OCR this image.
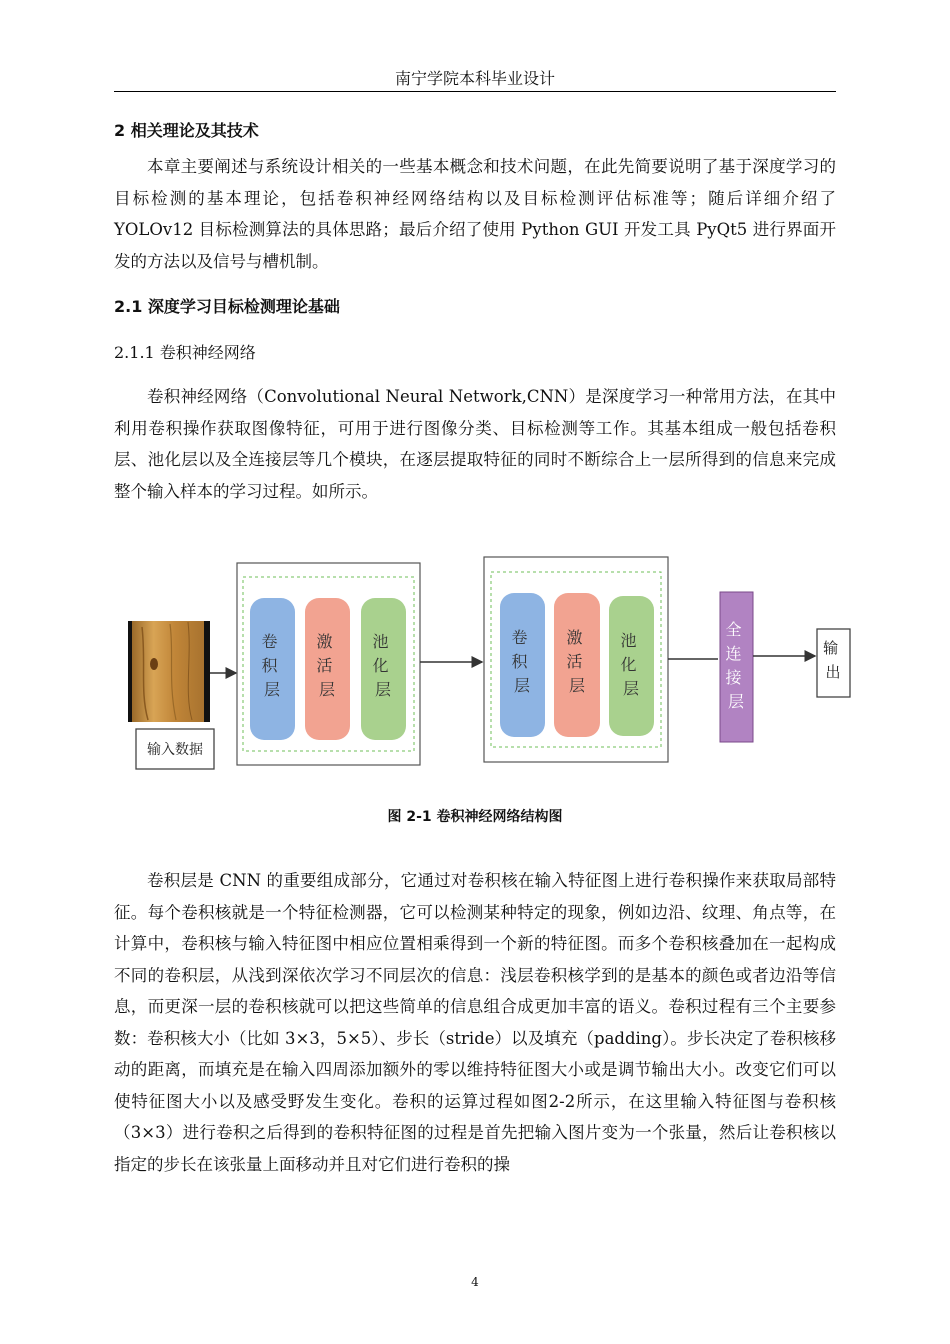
南宁学院本科毕业设计
2 相关理论及其技术

本章主要阐述与系统设计相关的一些基本概念和技术问题，在此先简要说明了基于深度学习的目标检测的基本理论，包括卷积神经网络结构以及目标检测评估标准等；随后详细介绍了 YOLOv12 目标检测算法的具体思路；最后介绍了使用 Python GUI 开发工具 PyQt5 进行界面开发的方法以及信号与槽机制。

2.1 深度学习目标检测理论基础
2.1.1 卷积神经网络

卷积神经网络（Convolutional Neural Network,CNN）是深度学习一种常用方法，在其中利用卷积操作获取图像特征，可用于进行图像分类、目标检测等工作。其基本组成一般包括卷积层、池化层以及全连接层等几个模块，在逐层提取特征的同时不断综合上一层所得到的信息来完成整个输入样本的学习过程。如所示。

输入数据
卷 积 层
激 活 层
池 化 层
卷 积 层
激 活 层
池 化 层
全 连 接 层
输 出
图 2-1 卷积神经网络结构图

卷积层是 CNN 的重要组成部分，它通过对卷积核在输入特征图上进行卷积操作来获取局部特征。每个卷积核就是一个特征检测器，它可以检测某种特定的现象，例如边沿、纹理、角点等，在计算中，卷积核与输入特征图中相应位置相乘得到一个新的特征图。而多个卷积核叠加在一起构成不同的卷积层，从浅到深依次学习不同层次的信息：浅层卷积核学到的是基本的颜色或者边沿等信息，而更深一层的卷积核就可以把这些简单的信息组合成更加丰富的语义。卷积过程有三个主要参数：卷积核大小（比如 3×3，5×5）、步长（stride）以及填充（padding）。步长决定了卷积核移动的距离，而填充是在输入四周添加额外的零以维持特征图大小或是调节输出大小。改变它们可以使特征图大小以及感受野发生变化。卷积的运算过程如图2-2所示，在这里输入特征图与卷积核（3×3）进行卷积之后得到的卷积特征图的过程是首先把输入图片变为一个张量，然后让卷积核以指定的步长在该张量上面移动并且对它们进行卷积的操

4
